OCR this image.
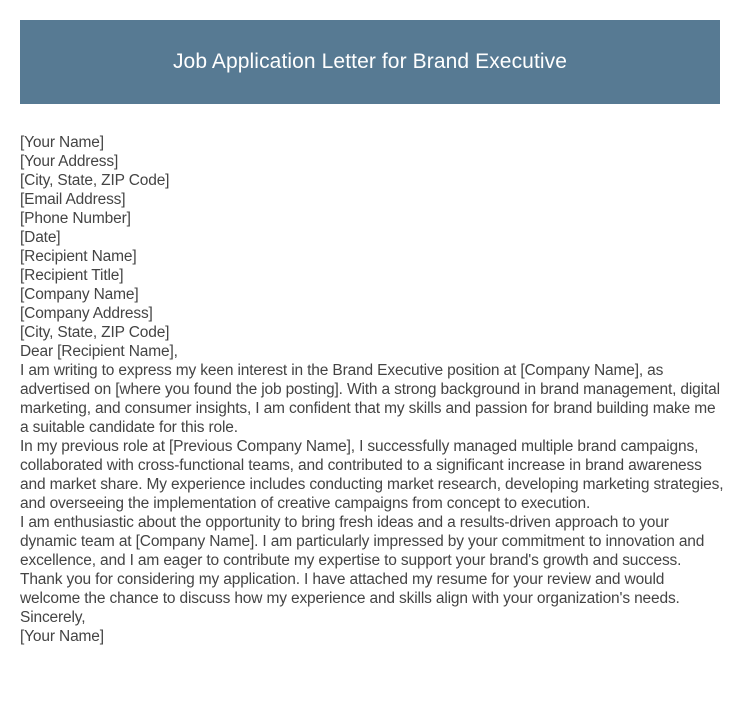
Job Application Letter for Brand Executive
[Your Name]
[Your Address]
[City, State, ZIP Code]
[Email Address]
[Phone Number]
[Date]
[Recipient Name]
[Recipient Title]
[Company Name]
[Company Address]
[City, State, ZIP Code]
Dear [Recipient Name],

I am writing to express my keen interest in the Brand Executive position at [Company Name], as advertised on [where you found the job posting]. With a strong background in brand management, digital marketing, and consumer insights, I am confident that my skills and passion for brand building make me a suitable candidate for this role.

In my previous role at [Previous Company Name], I successfully managed multiple brand campaigns, collaborated with cross-functional teams, and contributed to a significant increase in brand awareness and market share. My experience includes conducting market research, developing marketing strategies, and overseeing the implementation of creative campaigns from concept to execution.

I am enthusiastic about the opportunity to bring fresh ideas and a results-driven approach to your dynamic team at [Company Name]. I am particularly impressed by your commitment to innovation and excellence, and I am eager to contribute my expertise to support your brand's growth and success.

Thank you for considering my application. I have attached my resume for your review and would welcome the chance to discuss how my experience and skills align with your organization's needs.

Sincerely,
[Your Name]
